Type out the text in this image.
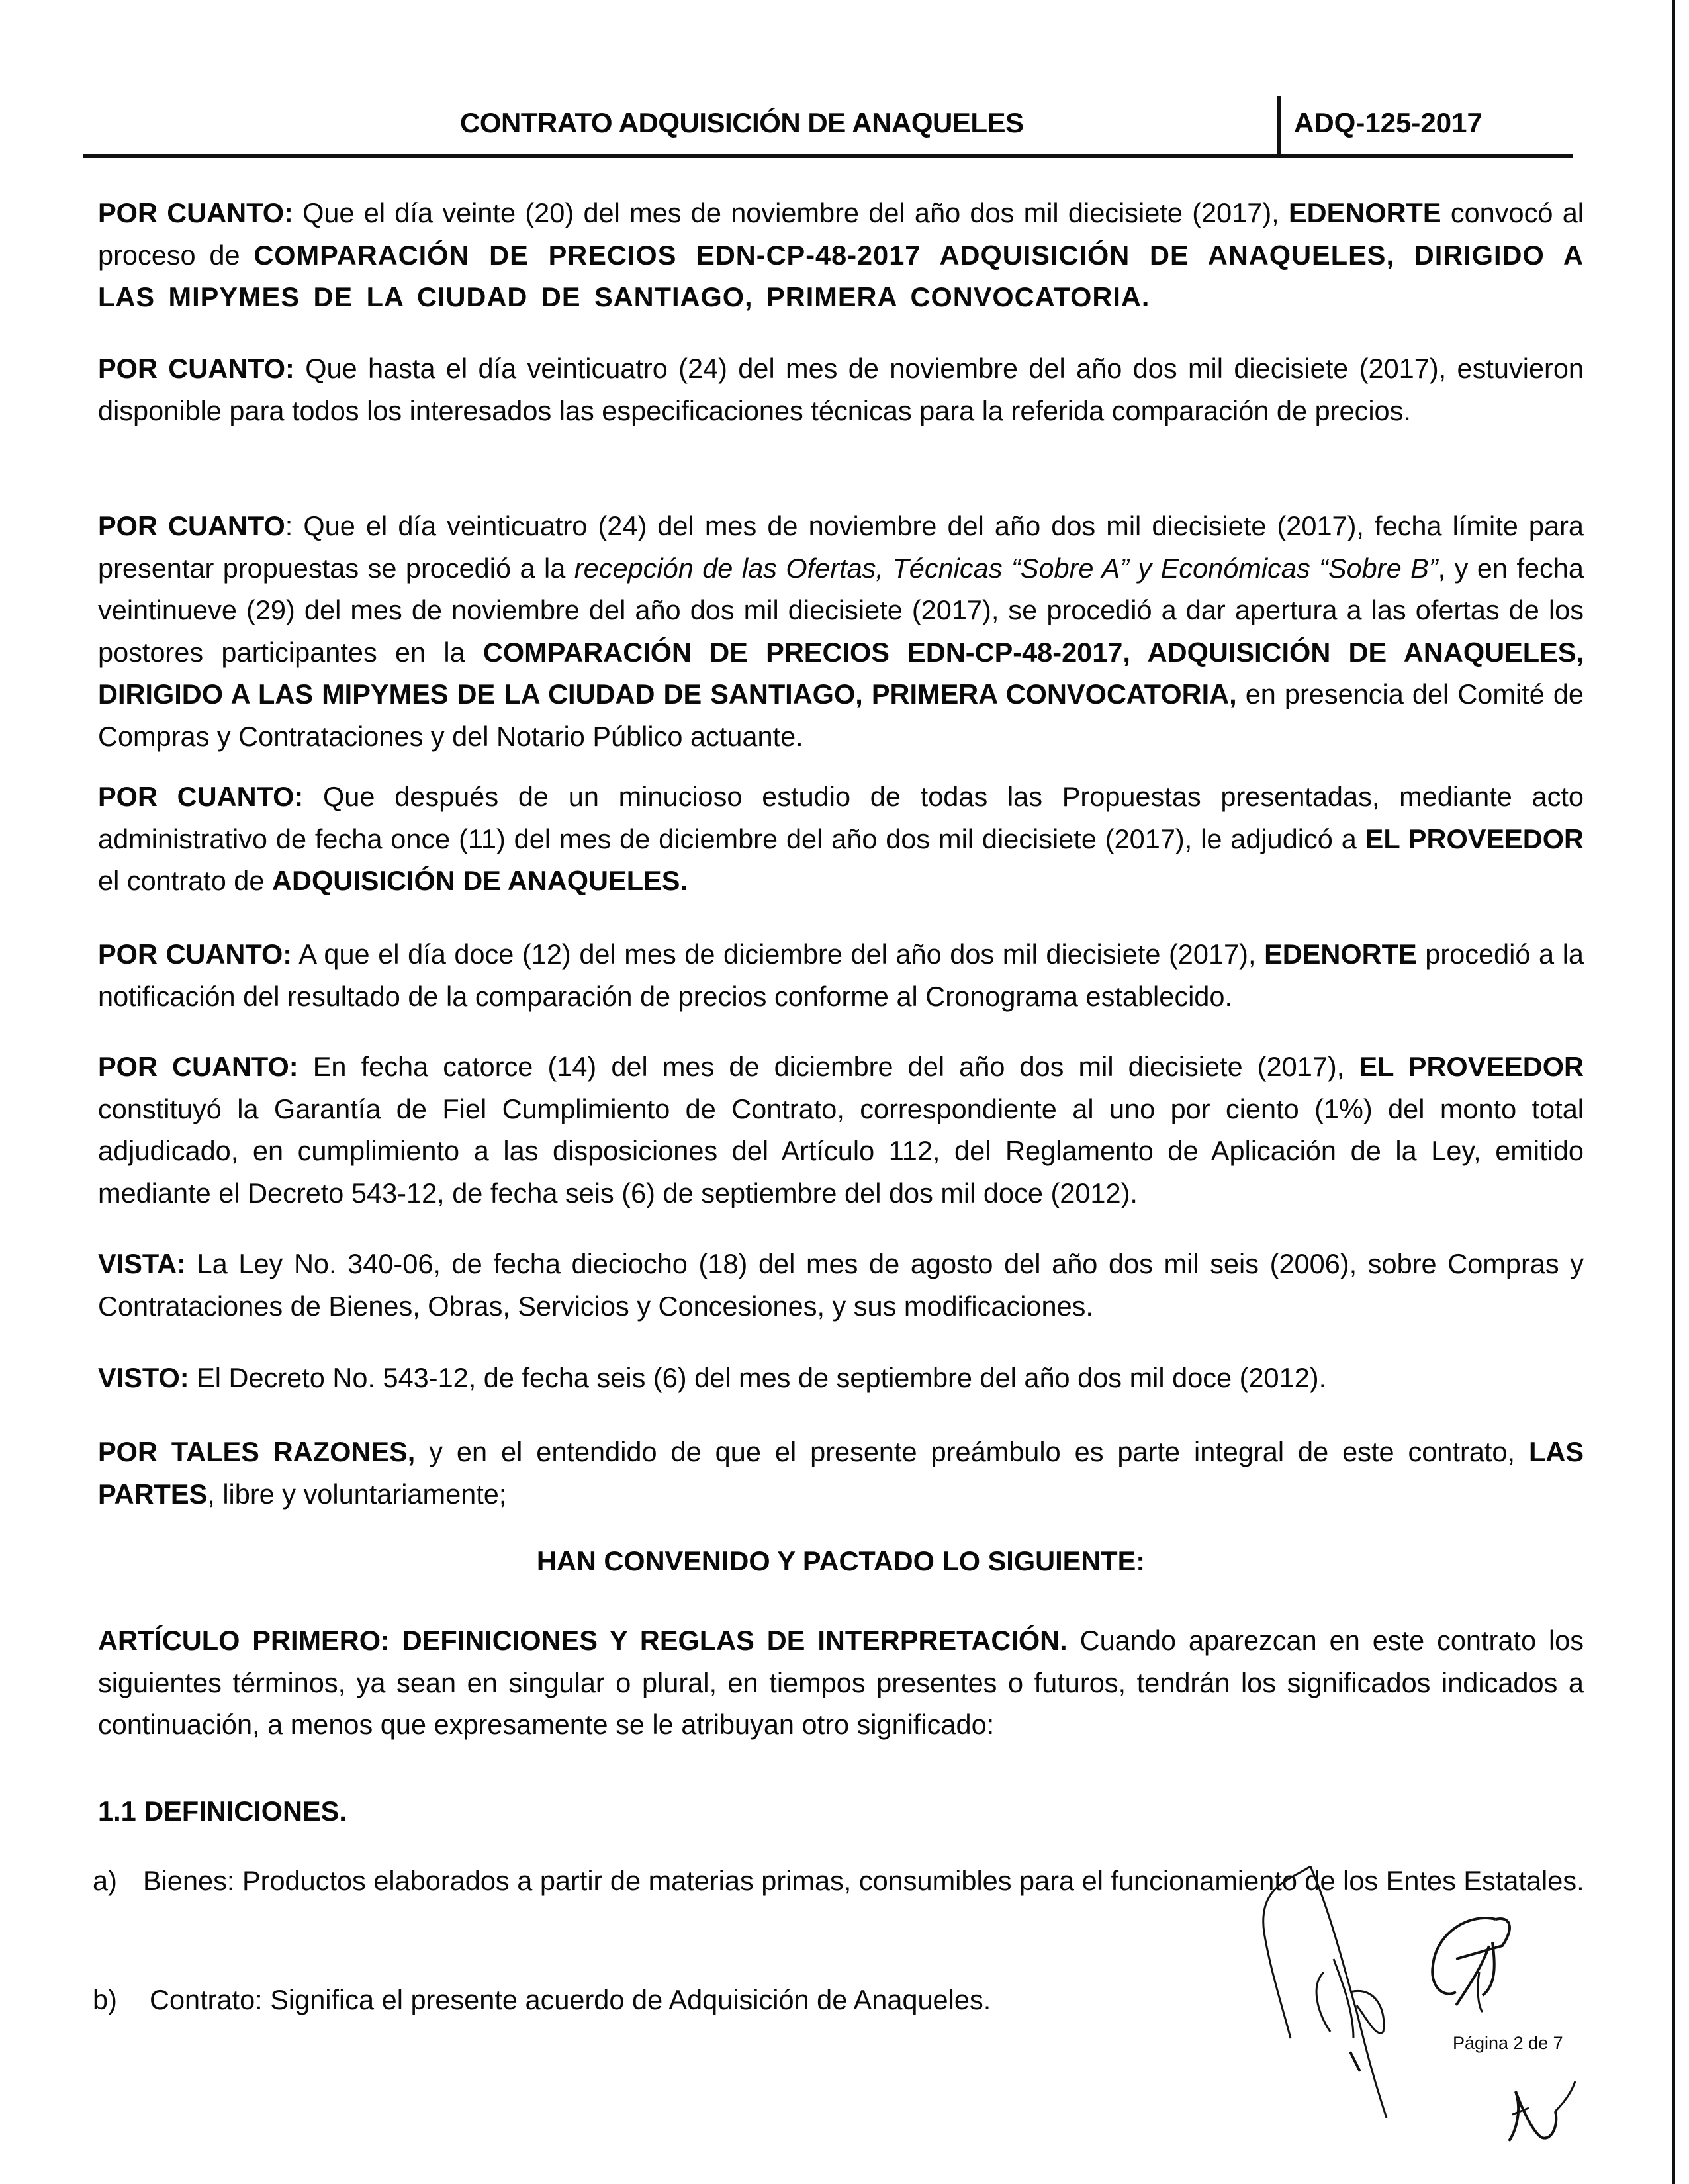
CONTRATO ADQUISICIÓN DE ANAQUELES	ADQ-125-2017

POR CUANTO: Que el día veinte (20) del mes de noviembre del año dos mil diecisiete (2017), EDENORTE convocó al proceso de COMPARACIÓN DE PRECIOS EDN-CP-48-2017 ADQUISICIÓN DE ANAQUELES, DIRIGIDO A LAS MIPYMES DE LA CIUDAD DE SANTIAGO, PRIMERA CONVOCATORIA.

POR CUANTO: Que hasta el día veinticuatro (24) del mes de noviembre del año dos mil diecisiete (2017), estuvieron disponible para todos los interesados las especificaciones técnicas para la referida comparación de precios.

POR CUANTO: Que el día veinticuatro (24) del mes de noviembre del año dos mil diecisiete (2017), fecha límite para presentar propuestas se procedió a la recepción de las Ofertas, Técnicas “Sobre A” y Económicas “Sobre B”, y en fecha veintinueve (29) del mes de noviembre del año dos mil diecisiete (2017), se procedió a dar apertura a las ofertas de los postores participantes en la COMPARACIÓN DE PRECIOS EDN-CP-48-2017, ADQUISICIÓN DE ANAQUELES, DIRIGIDO A LAS MIPYMES DE LA CIUDAD DE SANTIAGO, PRIMERA CONVOCATORIA, en presencia del Comité de Compras y Contrataciones y del Notario Público actuante.

POR CUANTO: Que después de un minucioso estudio de todas las Propuestas presentadas, mediante acto administrativo de fecha once (11) del mes de diciembre del año dos mil diecisiete (2017), le adjudicó a EL PROVEEDOR el contrato de ADQUISICIÓN DE ANAQUELES.

POR CUANTO: A que el día doce (12) del mes de diciembre del año dos mil diecisiete (2017), EDENORTE procedió a la notificación del resultado de la comparación de precios conforme al Cronograma establecido.

POR CUANTO: En fecha catorce (14) del mes de diciembre del año dos mil diecisiete (2017), EL PROVEEDOR constituyó la Garantía de Fiel Cumplimiento de Contrato, correspondiente al uno por ciento (1%) del monto total adjudicado, en cumplimiento a las disposiciones del Artículo 112, del Reglamento de Aplicación de la Ley, emitido mediante el Decreto 543-12, de fecha seis (6) de septiembre del dos mil doce (2012).

VISTA: La Ley No. 340-06, de fecha dieciocho (18) del mes de agosto del año dos mil seis (2006), sobre Compras y Contrataciones de Bienes, Obras, Servicios y Concesiones, y sus modificaciones.

VISTO: El Decreto No. 543-12, de fecha seis (6) del mes de septiembre del año dos mil doce (2012).

POR TALES RAZONES, y en el entendido de que el presente preámbulo es parte integral de este contrato, LAS PARTES, libre y voluntariamente;

HAN CONVENIDO Y PACTADO LO SIGUIENTE:

ARTÍCULO PRIMERO: DEFINICIONES Y REGLAS DE INTERPRETACIÓN. Cuando aparezcan en este contrato los siguientes términos, ya sean en singular o plural, en tiempos presentes o futuros, tendrán los significados indicados a continuación, a menos que expresamente se le atribuyan otro significado:

1.1 DEFINICIONES.
a) Bienes: Productos elaborados a partir de materias primas, consumibles para el funcionamiento de los Entes Estatales.
b) Contrato: Significa el presente acuerdo de Adquisición de Anaqueles.
Página 2 de 7
